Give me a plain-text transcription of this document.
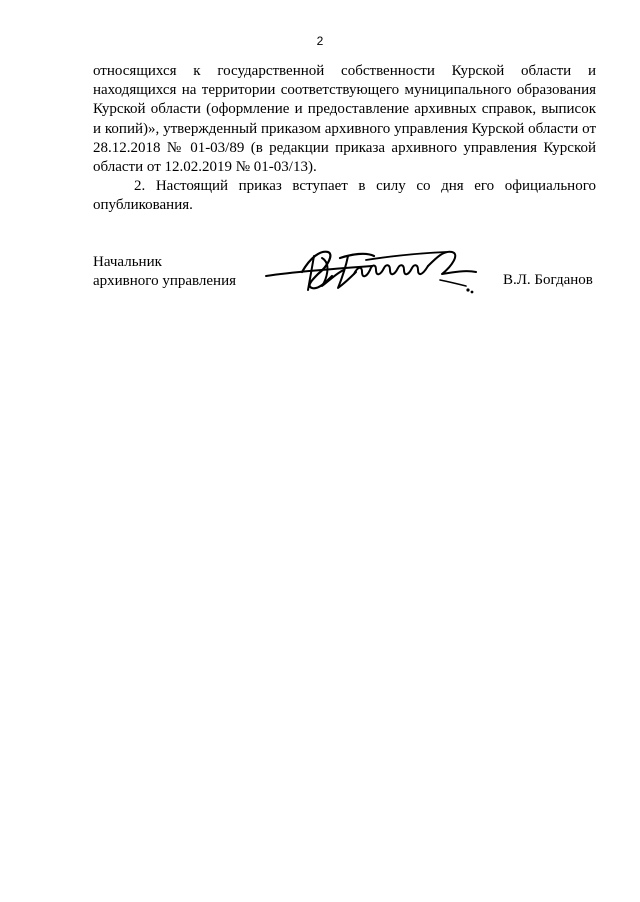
2

относящихся к государственной собственности Курской области и находящихся на территории соответствующего муниципального образования Курской области (оформление и предоставление архивных справок, выписок и копий)», утвержденный приказом архивного управления Курской области от 28.12.2018 № 01-03/89 (в редакции приказа архивного управления Курской области от 12.02.2019 № 01-03/13).

2. Настоящий приказ вступает в силу со дня его официального опубликования.

Начальник
архивного управления	В.Л. Богданов
